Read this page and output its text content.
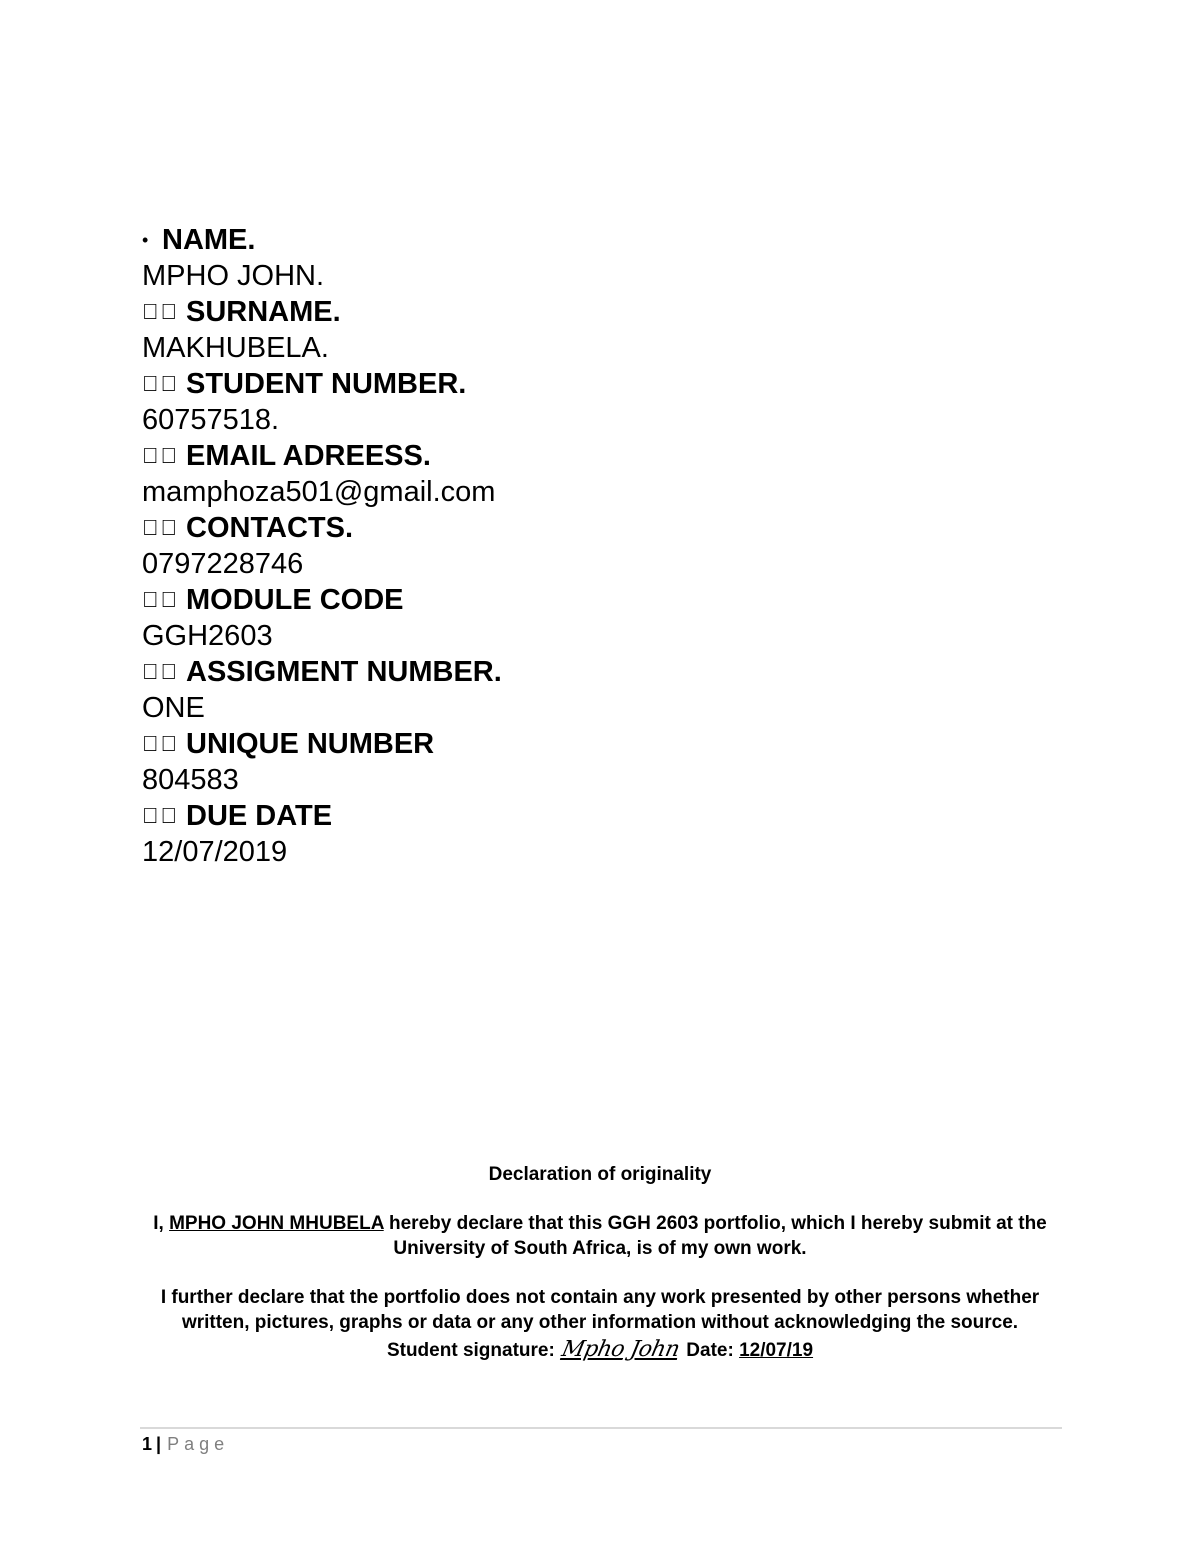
• NAME.
MPHO JOHN.
SURNAME.
MAKHUBELA.
STUDENT NUMBER.
60757518.
EMAIL ADREESS.
mamphoza501@gmail.com
CONTACTS.
0797228746
MODULE CODE
GGH2603
ASSIGMENT NUMBER.
ONE
UNIQUE NUMBER
804583
DUE DATE
12/07/2019
Declaration of originality
I, MPHO JOHN MHUBELA hereby declare that this GGH 2603 portfolio, which I hereby submit at the University of South Africa, is of my own work.
I further declare that the portfolio does not contain any work presented by other persons whether written, pictures, graphs or data or any other information without acknowledging the source.
Student signature: Mpho John Date: 12/07/19
1 | Page
